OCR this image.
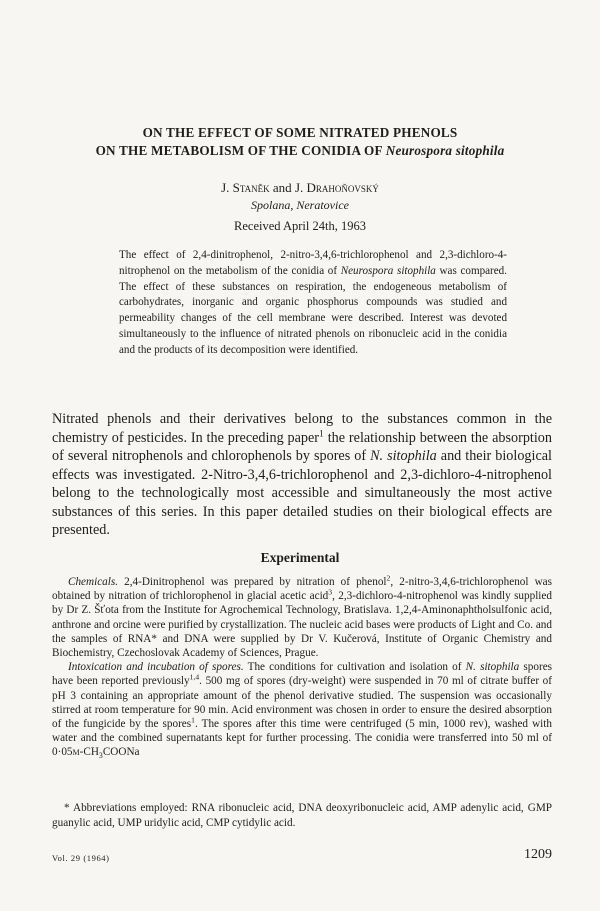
ON THE EFFECT OF SOME NITRATED PHENOLS
ON THE METABOLISM OF THE CONIDIA OF Neurospora sitophila
J. Staněk and J. Drahoňovský
Spolana, Neratovice
Received April 24th, 1963
The effect of 2,4-dinitrophenol, 2-nitro-3,4,6-trichlorophenol and 2,3-dichloro-4-nitrophenol on the metabolism of the conidia of Neurospora sitophila was compared. The effect of these substances on respiration, the endogeneous metabolism of carbohydrates, inorganic and organic phosphorus compounds was studied and permeability changes of the cell membrane were described. Interest was devoted simultaneously to the influence of nitrated phenols on ribonucleic acid in the conidia and the products of its decomposition were identified.
Nitrated phenols and their derivatives belong to the substances common in the chemistry of pesticides. In the preceding paper$^1$ the relationship between the absorption of several nitrophenols and chlorophenols by spores of N. sitophila and their biological effects was investigated. 2-Nitro-3,4,6-trichlorophenol and 2,3-dichloro-4-nitrophenol belong to the technologically most accessible and simultaneously the most active substances of this series. In this paper detailed studies on their biological effects are presented.
Experimental

Chemicals. 2,4-Dinitrophenol was prepared by nitration of phenol$^2$, 2-nitro-3,4,6-trichlorophenol was obtained by nitration of trichlorophenol in glacial acetic acid$^3$, 2,3-dichloro-4-nitrophenol was kindly supplied by Dr Z. Šťota from the Institute for Agrochemical Technology, Bratislava. 1,2,4-Aminonaphtholsulfonic acid, anthrone and orcine were purified by crystallization. The nucleic acid bases were products of Light and Co. and the samples of RNA* and DNA were supplied by Dr V. Kučerová, Institute of Organic Chemistry and Biochemistry, Czechoslovak Academy of Sciences, Prague.

Intoxication and incubation of spores. The conditions for cultivation and isolation of N. sitophila spores have been reported previously$^{1,4}$. 500 mg of spores (dry-weight) were suspended in 70 ml of citrate buffer of pH 3 containing an appropriate amount of the phenol derivative studied. The suspension was occasionally stirred at room temperature for 90 min. Acid environment was chosen in order to ensure the desired absorption of the fungicide by the spores$^1$. The spores after this time were centrifuged (5 min, 1000 rev), washed with water and the combined supernatants kept for further processing. The conidia were transferred into 50 ml of $0\cdot 05m-CH_3COONa$

* Abbreviations employed: RNA ribonucleic acid, DNA deoxyribonucleic acid, AMP adenylic acid, GMP guanylic acid, UMP uridylic acid, CMP cytidylic acid.
Vol. 29 (1964)	1209
